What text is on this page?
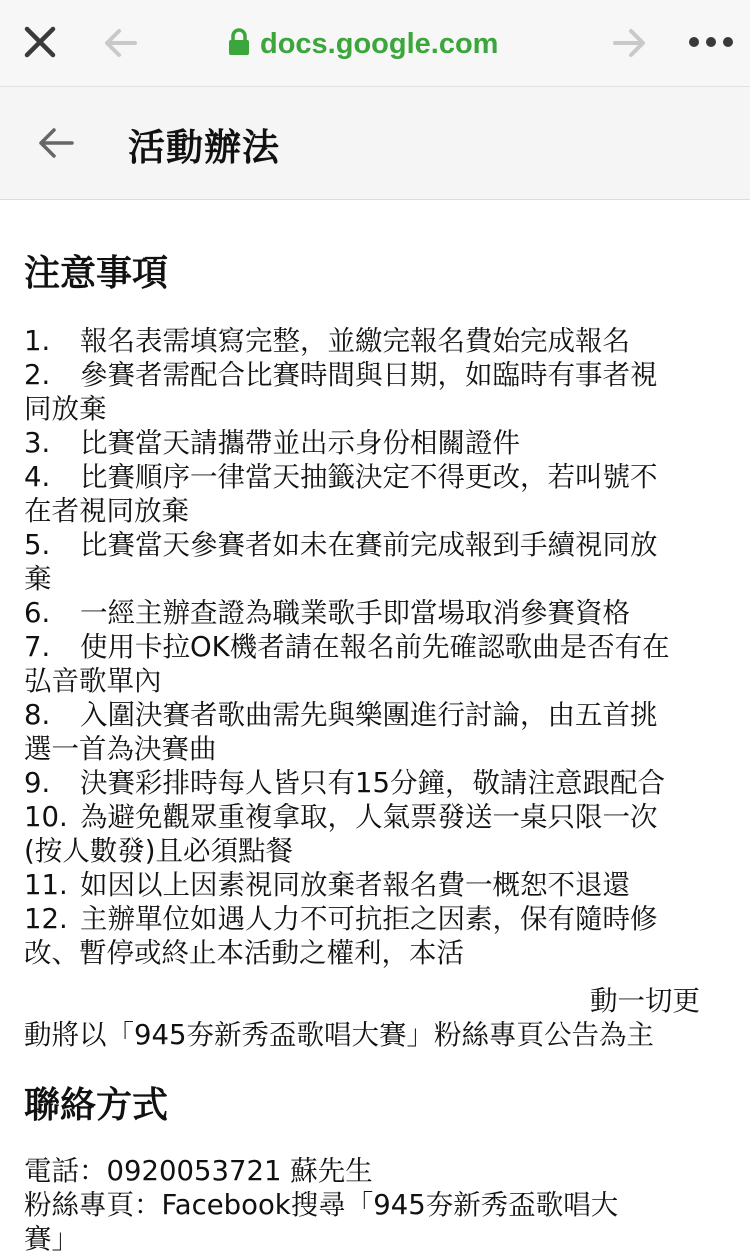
docs.google.com
活動辦法
注意事項
1.	報名表需填寫完整，並繳完報名費始完成報名
2.	參賽者需配合比賽時間與日期，如臨時有事者視
同放棄
3.	比賽當天請攜帶並出示身份相關證件
4.	比賽順序一律當天抽籤決定不得更改，若叫號不
在者視同放棄
5.	比賽當天參賽者如未在賽前完成報到手續視同放
棄
6.	一經主辦查證為職業歌手即當場取消參賽資格
7.	使用卡拉OK機者請在報名前先確認歌曲是否有在
弘音歌單內
8.	入圍決賽者歌曲需先與樂團進行討論，由五首挑
選一首為決賽曲
9.	決賽彩排時每人皆只有15分鐘，敬請注意跟配合
10. 為避免觀眾重複拿取，人氣票發送一桌只限一次
(按人數發)且必須點餐
11. 如因以上因素視同放棄者報名費一概恕不退還
12. 主辦單位如遇人力不可抗拒之因素，保有隨時修
改、暫停或終止本活動之權利，本活
動一切更
動將以「945夯新秀盃歌唱大賽」粉絲專頁公告為主
聯絡方式
電話：0920053721 蘇先生
粉絲專頁：Facebook搜尋「945夯新秀盃歌唱大
賽」
